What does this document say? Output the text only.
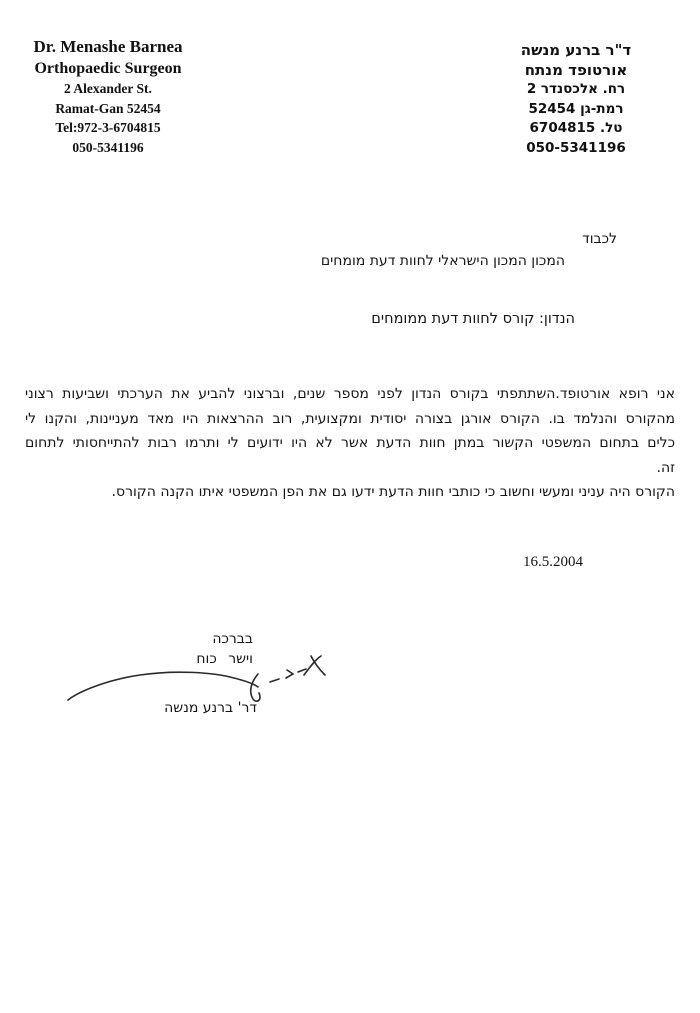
Dr. Menashe Barnea
Orthopaedic Surgeon
2 Alexander St.
Ramat-Gan 52454
Tel:972-3-6704815
050-5341196
ד"ר ברנע מנשה
אורטופד מנתח
רח. אלכסנדר 2
רמת-גן 52454
טל. 6704815
050-5341196
לכבוד
המכון המכון הישראלי לחוות דעת מומחים
הנדון: קורס לחוות דעת ממומחים
אני רופא אורטופד.השתתפתי בקורס הנדון לפני מספר שנים, וברצוני להביע את הערכתי ושביעות רצוני
מהקורס והנלמד בו. הקורס אורגן בצורה יסודית ומקצועית, רוב ההרצאות היו מאד מעניינות, והקנו לי
כלים בתחום המשפטי הקשור במתן חוות הדעת אשר לא היו ידועים לי ותרמו רבות להתייחסותי לתחום
זה.
הקורס היה עניני ומעשי וחשוב כי כותבי חוות הדעת ידעו גם את הפן המשפטי איתו הקנה הקורס.
16.5.2004
בברכה
וישר כוח
דר' ברנע מנשה
